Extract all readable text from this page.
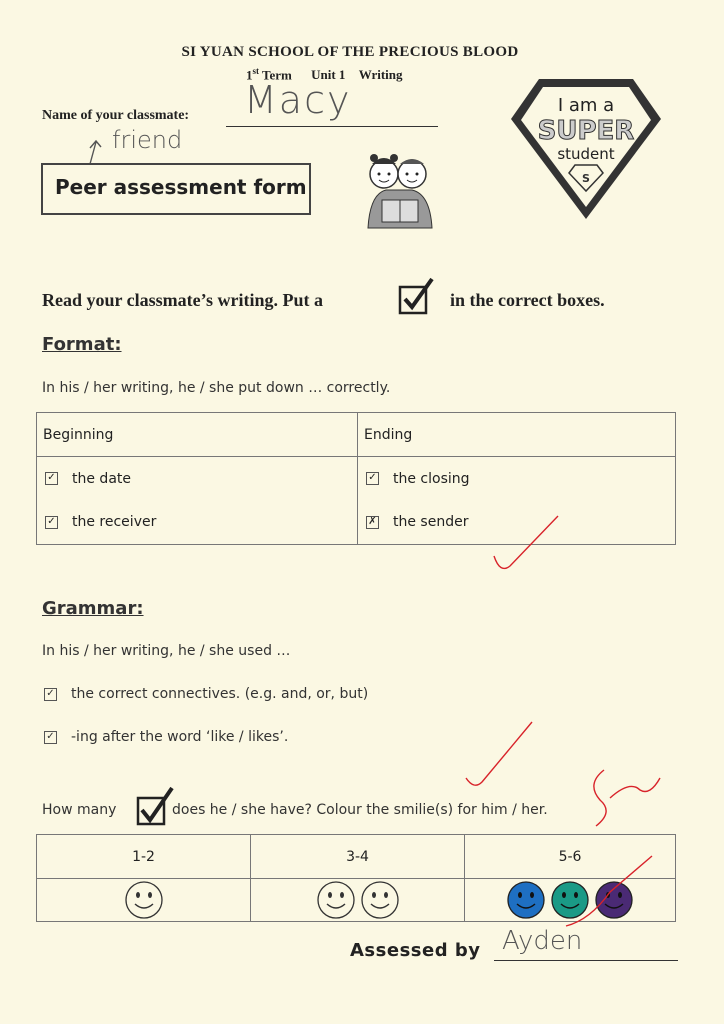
SI YUAN SCHOOL OF THE PRECIOUS BLOOD
1st Term Unit 1 Writing
Name of your classmate: Macy
friend
Peer assessment form
I am a
SUPER
student
S
Read your classmate’s writing. Put a	in the correct boxes.
Format:
In his / her writing, he / she put down … correctly.
Beginning	Ending
✓ the date	✓ the closing
✓ the receiver	✗ the sender
Grammar:
In his / her writing, he / she used …
✓ the correct connectives. (e.g. and, or, but)
✓ -ing after the word ‘like / likes’.
How many	does he / she have? Colour the smilie(s) for him / her.
1-2	3-4	5-6

Assessed by Ayden
